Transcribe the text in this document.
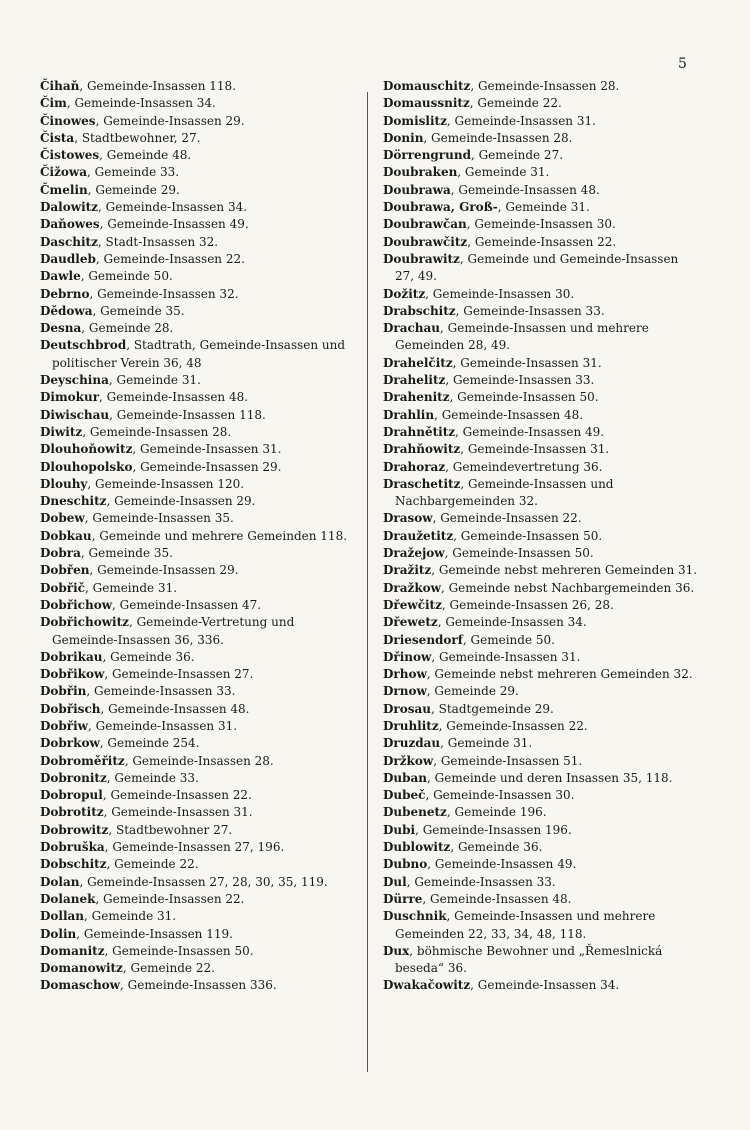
5
Čihaň, Gemeinde-Insassen 118.
Čim, Gemeinde-Insassen 34.
Činowes, Gemeinde-Insassen 29.
Čista, Stadtbewohner, 27.
Čistowes, Gemeinde 48.
Čižowa, Gemeinde 33.
Čmelin, Gemeinde 29.
Dalowitz, Gemeinde-Insassen 34.
Daňowes, Gemeinde-Insassen 49.
Daschitz, Stadt-Insassen 32.
Daudleb, Gemeinde-Insassen 22.
Dawle, Gemeinde 50.
Debrno, Gemeinde-Insassen 32.
Dědowa, Gemeinde 35.
Desna, Gemeinde 28.
Deutschbrod, Stadtrath, Gemeinde-Insassen und politischer Verein 36, 48
Deyschina, Gemeinde 31.
Dimokur, Gemeinde-Insassen 48.
Diwischau, Gemeinde-Insassen 118.
Diwitz, Gemeinde-Insassen 28.
Dlouhoňowitz, Gemeinde-Insassen 31.
Dlouhopolsko, Gemeinde-Insassen 29.
Dlouhy, Gemeinde-Insassen 120.
Dneschitz, Gemeinde-Insassen 29.
Dobew, Gemeinde-Insassen 35.
Dobkau, Gemeinde und mehrere Gemeinden 118.
Dobra, Gemeinde 35.
Dobřen, Gemeinde-Insassen 29.
Dobřič, Gemeinde 31.
Dobřichow, Gemeinde-Insassen 47.
Dobřichowitz, Gemeinde-Vertretung und Gemeinde-Insassen 36, 336.
Dobrikau, Gemeinde 36.
Dobřikow, Gemeinde-Insassen 27.
Dobřin, Gemeinde-Insassen 33.
Dobřisch, Gemeinde-Insassen 48.
Dobřiw, Gemeinde-Insassen 31.
Dobrkow, Gemeinde 254.
Dobroměřitz, Gemeinde-Insassen 28.
Dobronitz, Gemeinde 33.
Dobropul, Gemeinde-Insassen 22.
Dobrotitz, Gemeinde-Insassen 31.
Dobrowitz, Stadtbewohner 27.
Dobruška, Gemeinde-Insassen 27, 196.
Dobschitz, Gemeinde 22.
Dolan, Gemeinde-Insassen 27, 28, 30, 35, 119.
Dolanek, Gemeinde-Insassen 22.
Dollan, Gemeinde 31.
Dolin, Gemeinde-Insassen 119.
Domanitz, Gemeinde-Insassen 50.
Domanowitz, Gemeinde 22.
Domaschow, Gemeinde-Insassen 336.
Domauschitz, Gemeinde-Insassen 28.
Domaussnitz, Gemeinde 22.
Domislitz, Gemeinde-Insassen 31.
Donin, Gemeinde-Insassen 28.
Dörrengrund, Gemeinde 27.
Doubraken, Gemeinde 31.
Doubrawa, Gemeinde-Insassen 48.
Doubrawa, Groß-, Gemeinde 31.
Doubrawčan, Gemeinde-Insassen 30.
Doubrawčitz, Gemeinde-Insassen 22.
Doubrawitz, Gemeinde und Gemeinde-Insassen 27, 49.
Dožitz, Gemeinde-Insassen 30.
Drabschitz, Gemeinde-Insassen 33.
Drachau, Gemeinde-Insassen und mehrere Gemeinden 28, 49.
Drahelčitz, Gemeinde-Insassen 31.
Drahelitz, Gemeinde-Insassen 33.
Drahenitz, Gemeinde-Insassen 50.
Drahlin, Gemeinde-Insassen 48.
Drahnětitz, Gemeinde-Insassen 49.
Drahňowitz, Gemeinde-Insassen 31.
Drahoraz, Gemeindevertretung 36.
Draschetitz, Gemeinde-Insassen und Nachbargemeinden 32.
Drasow, Gemeinde-Insassen 22.
Draužetitz, Gemeinde-Insassen 50.
Dražejow, Gemeinde-Insassen 50.
Dražitz, Gemeinde nebst mehreren Gemeinden 31.
Dražkow, Gemeinde nebst Nachbargemeinden 36.
Dřewčitz, Gemeinde-Insassen 26, 28.
Dřewetz, Gemeinde-Insassen 34.
Driesendorf, Gemeinde 50.
Dřinow, Gemeinde-Insassen 31.
Drhow, Gemeinde nebst mehreren Gemeinden 32.
Drnow, Gemeinde 29.
Drosau, Stadtgemeinde 29.
Druhlitz, Gemeinde-Insassen 22.
Druzdau, Gemeinde 31.
Držkow, Gemeinde-Insassen 51.
Duban, Gemeinde und deren Insassen 35, 118.
Dubeč, Gemeinde-Insassen 30.
Dubenetz, Gemeinde 196.
Dubi, Gemeinde-Insassen 196.
Dublowitz, Gemeinde 36.
Dubno, Gemeinde-Insassen 49.
Dul, Gemeinde-Insassen 33.
Dürre, Gemeinde-Insassen 48.
Duschnik, Gemeinde-Insassen und mehrere Gemeinden 22, 33, 34, 48, 118.
Dux, böhmische Bewohner und „Řemeslnická beseda“ 36.
Dwakačowitz, Gemeinde-Insassen 34.
